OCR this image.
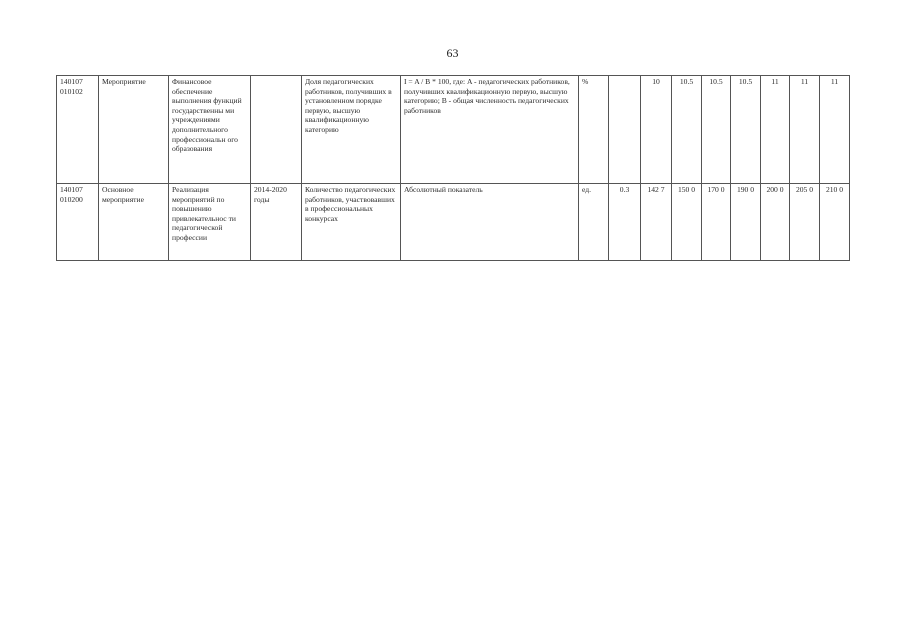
63
140107 010102	Мероприятие	Финансовое обеспечение выполнения функций государственны ми учреждениями дополнительного профессиональн ого образования		Доля педагогических работников, получивших в установленном порядке первую, высшую квалификационную категорию	I = A / B * 100, где: A - педагогических работников, получивших квалификационную первую, высшую категорию; B - общая численность педагогических работников	%		10	10.5	10.5	10.5	11	11	11
140107 010200	Основное мероприятие	Реализация мероприятий по повышению привлекательнос ти педагогической профессии	2014-2020 годы	Количество педагогических работников, участвовавших в профессиональных конкурсах	Абсолютный показатель	ед.	0.3	142 7	150 0	170 0	190 0	200 0	205 0	210 0
